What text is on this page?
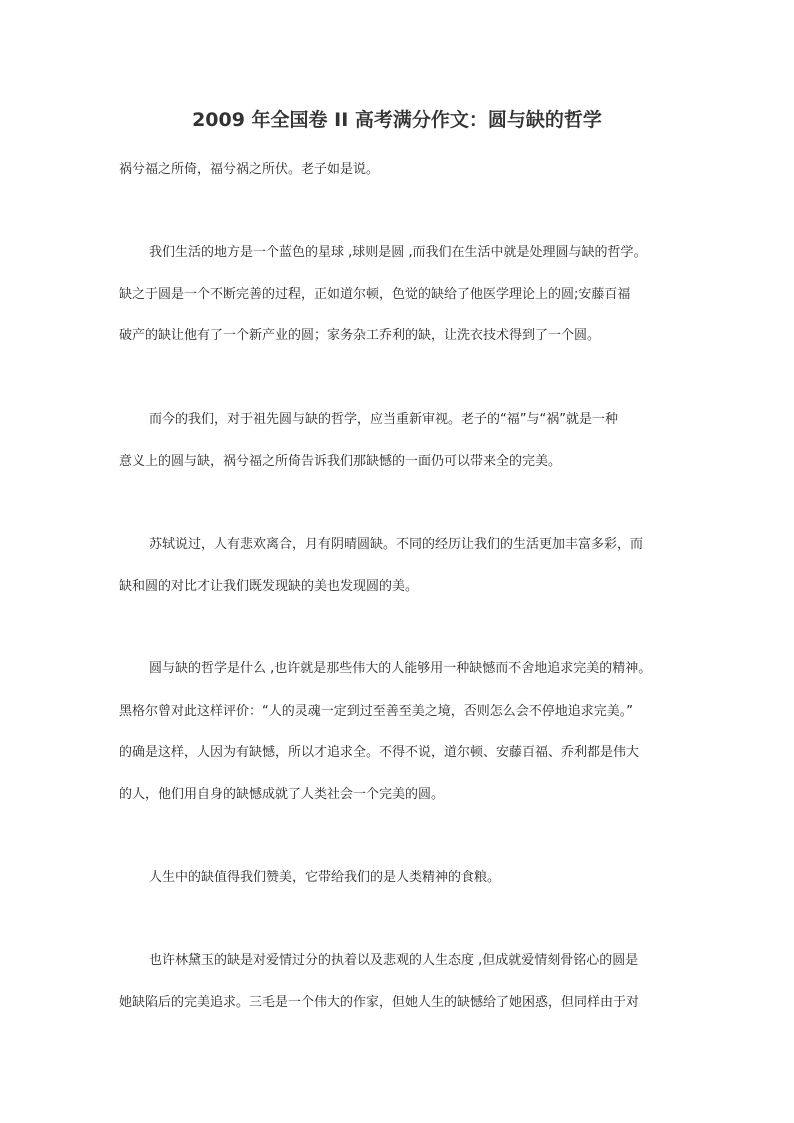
2009 年全国卷 II 高考满分作文：圆与缺的哲学
祸兮福之所倚，福兮祸之所伏。老子如是说。
我们生活的地方是一个蓝色的星球 ,球则是圆 ,而我们在生活中就是处理圆与缺的哲学。
缺之于圆是一个不断完善的过程，正如道尔顿，色觉的缺给了他医学理论上的圆;安藤百福
破产的缺让他有了一个新产业的圆；家务杂工乔利的缺，让洗衣技术得到了一个圆。
而今的我们，对于祖先圆与缺的哲学，应当重新审视。老子的“福”与“祸”就是一种
意义上的圆与缺，祸兮福之所倚告诉我们那缺憾的一面仍可以带来全的完美。
苏轼说过，人有悲欢离合，月有阴晴圆缺。不同的经历让我们的生活更加丰富多彩，而
缺和圆的对比才让我们既发现缺的美也发现圆的美。
圆与缺的哲学是什么 ,也许就是那些伟大的人能够用一种缺憾而不舍地追求完美的精神。
黑格尔曾对此这样评价：“人的灵魂一定到过至善至美之境，否则怎么会不停地追求完美。”
的确是这样，人因为有缺憾，所以才追求全。不得不说，道尔顿、安藤百福、乔利都是伟大
的人，他们用自身的缺憾成就了人类社会一个完美的圆。
人生中的缺值得我们赞美，它带给我们的是人类精神的食粮。
也许林黛玉的缺是对爱情过分的执着以及悲观的人生态度 ,但成就爱情刻骨铭心的圆是
她缺陷后的完美追求。三毛是一个伟大的作家，但她人生的缺憾给了她困惑，但同样由于对
